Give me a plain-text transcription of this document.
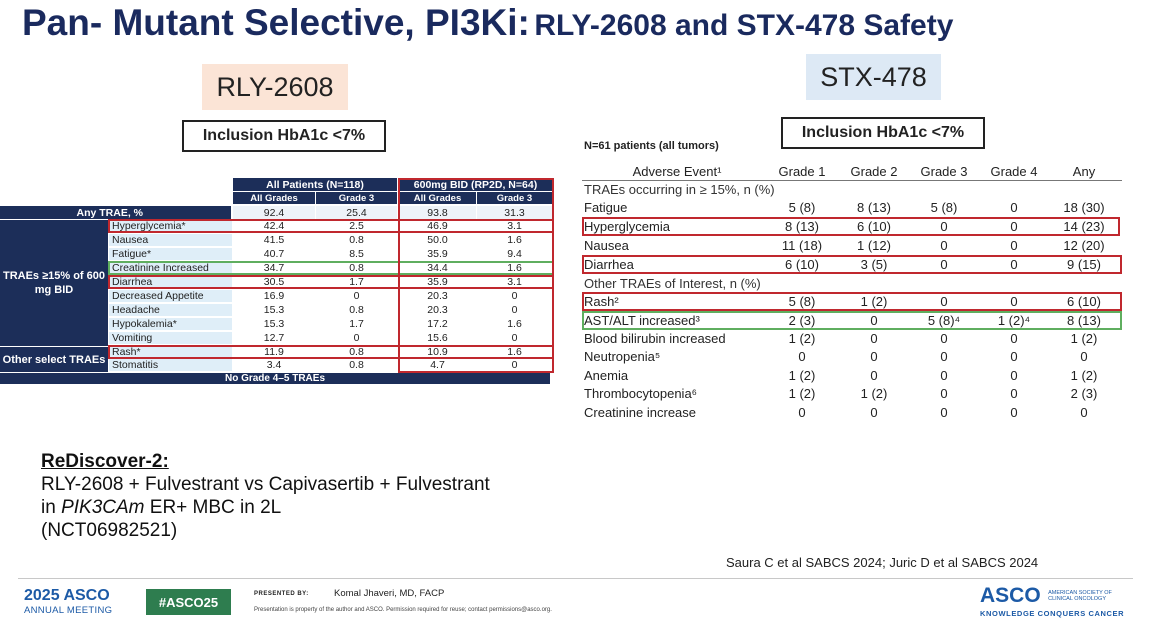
Pan- Mutant Selective, PI3Ki: RLY-2608 and STX-478 Safety
RLY-2608	STX-478
Inclusion HbA1c <7%	Inclusion HbA1c <7%
All Patients (N=118)	600mg BID (RP2D, N=64)
All Grades	Grade 3	All Grades	Grade 3
Any TRAE, %	92.4	25.4	93.8	31.3
TRAEs ≥15% of 600 mg BID
Other select TRAEs
Hyperglycemia*	42.4	2.5	46.9	3.1
Nausea	41.5	0.8	50.0	1.6
Fatigue*	40.7	8.5	35.9	9.4
Creatinine Increased	34.7	0.8	34.4	1.6
Diarrhea	30.5	1.7	35.9	3.1
Decreased Appetite	16.9	0	20.3	0
Headache	15.3	0.8	20.3	0
Hypokalemia*	15.3	1.7	17.2	1.6
Vomiting	12.7	0	15.6	0
Rash*	11.9	0.8	10.9	1.6
Stomatitis	3.4	0.8	4.7	0
No Grade 4–5 TRAEs
N=61 patients (all tumors)
Adverse Event¹	Grade 1	Grade 2	Grade 3	Grade 4	Any
TRAEs occurring in ≥ 15%, n (%)
Fatigue	5 (8)	8 (13)	5 (8)	0	18 (30)
Hyperglycemia	8 (13)	6 (10)	0	0	14 (23)
Nausea	11 (18)	1 (12)	0	0	12 (20)
Diarrhea	6 (10)	3 (5)	0	0	9 (15)
Other TRAEs of Interest, n (%)
Rash²	5 (8)	1 (2)	0	0	6 (10)
AST/ALT increased³	2 (3)	0	5 (8)⁴	1 (2)⁴	8 (13)
Blood bilirubin increased	1 (2)	0	0	0	1 (2)
Neutropenia⁵	0	0	0	0	0
Anemia	1 (2)	0	0	0	1 (2)
Thrombocytopenia⁶	1 (2)	1 (2)	0	0	2 (3)
Creatinine increase	0	0	0	0	0
ReDiscover-2:
RLY-2608 + Fulvestrant vs Capivasertib + Fulvestrant
in PIK3CAm ER+ MBC in 2L
(NCT06982521)
Saura C et al SABCS 2024; Juric D et al SABCS 2024
2025 ASCO
ANNUAL MEETING
#ASCO25
PRESENTED BY:	Komal Jhaveri, MD, FACP
Presentation is property of the author and ASCO. Permission required for reuse; contact permissions@asco.org.
ASCO AMERICAN SOCIETY OF
CLINICAL ONCOLOGY
KNOWLEDGE CONQUERS CANCER
